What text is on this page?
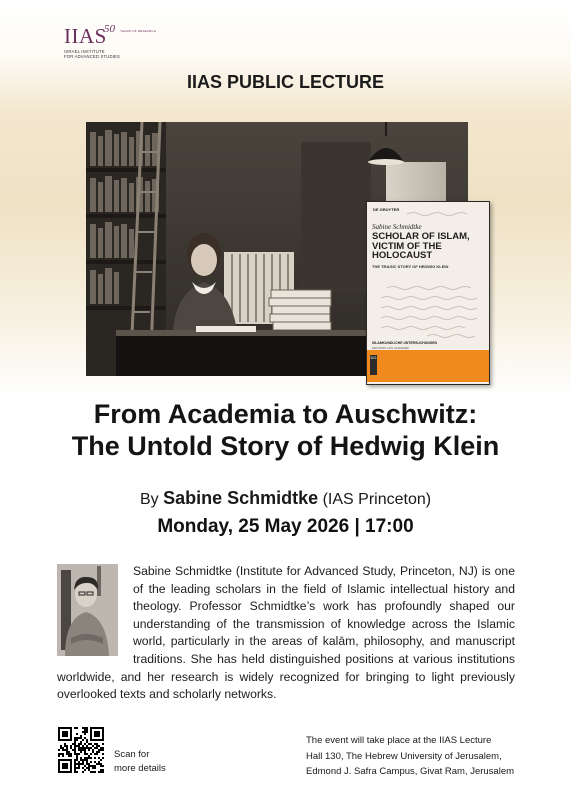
IIAS
50 YEARS OF RESEARCH
ISRAEL INSTITUTE
FOR ADVANCED STUDIES
IIAS PUBLIC LECTURE
DE GRUYTER
Sabine Schmidtke
SCHOLAR OF ISLAM, VICTIM OF THE HOLOCAUST
THE TRAGIC STORY OF HEDWIG KLEIN
ISLAMKUNDLICHE UNTERSUCHUNGEN
EDITIONS AUS SCHWARZ
DG
From Academia to Auschwitz:
The Untold Story of Hedwig Klein
By Sabine Schmidtke (IAS Princeton)
Monday, 25 May 2026 | 17:00
Sabine Schmidtke (Institute for Advanced Study, Princeton, NJ) is one of the leading scholars in the field of Islamic intellectual history and theology. Professor Schmidtke’s work has profoundly shaped our understanding of the transmission of knowledge across the Islamic world, particularly in the areas of kalām, philosophy, and manuscript traditions. She has held distinguished positions at various institutions worldwide, and her research is widely recognized for bringing to light previously overlooked texts and scholarly networks.
Scan for
more details
The event will take place at the IIAS Lecture
Hall 130, The Hebrew University of Jerusalem,
Edmond J. Safra Campus, Givat Ram, Jerusalem
